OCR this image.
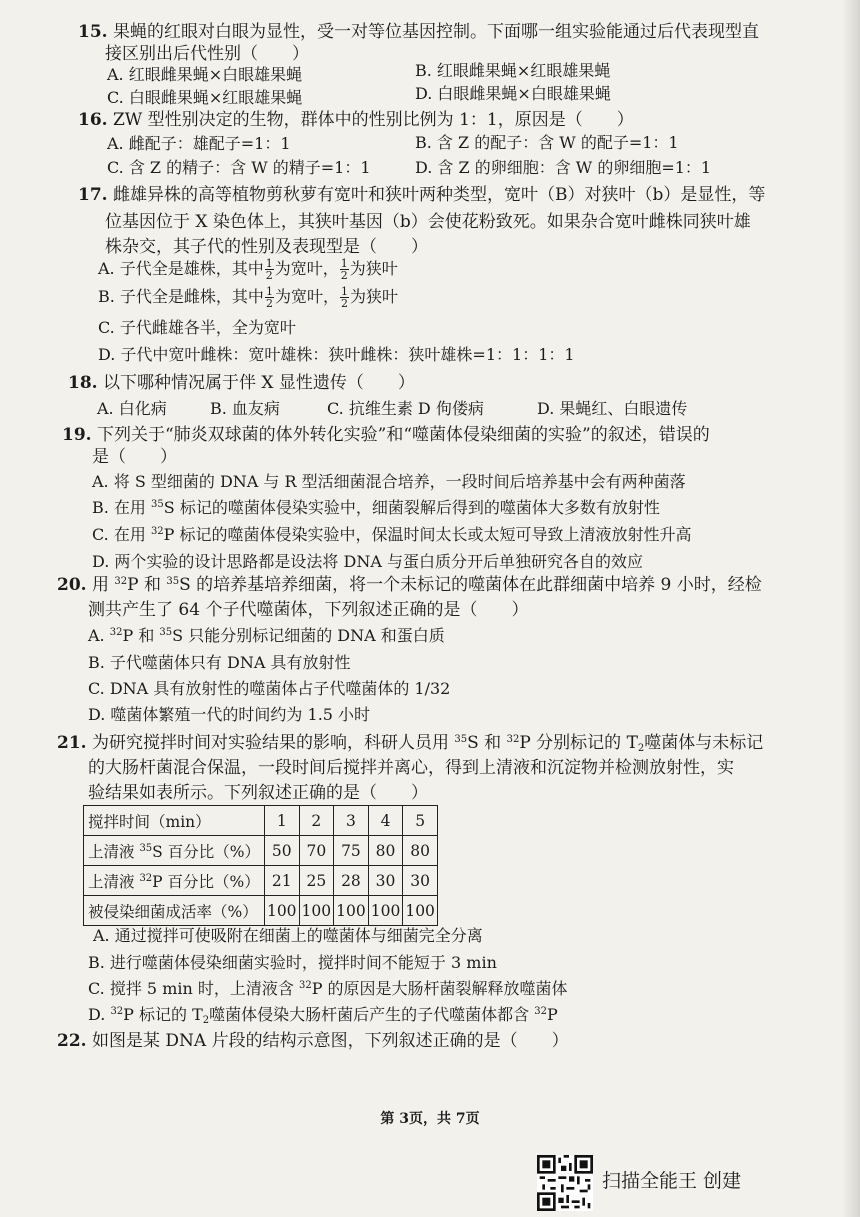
15. 果蝇的红眼对白眼为显性，受一对等位基因控制。下面哪一组实验能通过后代表现型直
接区别出后代性别（　　）
A. 红眼雌果蝇×白眼雄果蝇	B. 红眼雌果蝇×红眼雄果蝇
C. 白眼雌果蝇×红眼雄果蝇	D. 白眼雌果蝇×白眼雄果蝇
16. ZW 型性别决定的生物，群体中的性别比例为 1：1，原因是（　　）
A. 雌配子：雄配子=1：1	B. 含 Z 的配子：含 W 的配子=1：1
C. 含 Z 的精子：含 W 的精子=1：1	D. 含 Z 的卵细胞：含 W 的卵细胞=1：1
17. 雌雄异株的高等植物剪秋萝有宽叶和狭叶两种类型，宽叶（B）对狭叶（b）是显性，等
位基因位于 X 染色体上，其狭叶基因（b）会使花粉致死。如果杂合宽叶雌株同狭叶雄
株杂交，其子代的性别及表现型是（　　）
A. 子代全是雄株，其中 $\frac{1}{2}$ 为宽叶， $\frac{1}{2}$ 为狭叶
B. 子代全是雌株，其中 $\frac{1}{2}$ 为宽叶， $\frac{1}{2}$ 为狭叶
C. 子代雌雄各半，全为宽叶
D. 子代中宽叶雌株：宽叶雄株：狭叶雌株：狭叶雄株=1：1：1：1
18. 以下哪种情况属于伴 X 显性遗传（　　）
A. 白化病	B. 血友病	C. 抗维生素 D 佝偻病	D. 果蝇红、白眼遗传
19. 下列关于“肺炎双球菌的体外转化实验”和“噬菌体侵染细菌的实验”的叙述，错误的
是（　　）
A. 将 S 型细菌的 DNA 与 R 型活细菌混合培养，一段时间后培养基中会有两种菌落
B. 在用 $^{35}$S 标记的噬菌体侵染实验中，细菌裂解后得到的噬菌体大多数有放射性
C. 在用 $^{32}$P 标记的噬菌体侵染实验中，保温时间太长或太短可导致上清液放射性升高
D. 两个实验的设计思路都是设法将 DNA 与蛋白质分开后单独研究各自的效应
20. 用 $^{32}$P 和 $^{35}$S 的培养基培养细菌，将一个未标记的噬菌体在此群细菌中培养 9 小时，经检
测共产生了 64 个子代噬菌体，下列叙述正确的是（　　）
A. $^{32}$P 和 $^{35}$S 只能分别标记细菌的 DNA 和蛋白质
B. 子代噬菌体只有 DNA 具有放射性
C. DNA 具有放射性的噬菌体占子代噬菌体的 1/32
D. 噬菌体繁殖一代的时间约为 1.5 小时
21. 为研究搅拌时间对实验结果的影响，科研人员用 $^{35}$S 和 $^{32}$P 分别标记的 $T_2$噬菌体与未标记
的大肠杆菌混合保温，一段时间后搅拌并离心，得到上清液和沉淀物并检测放射性，实
验结果如表所示。下列叙述正确的是（　　）
搅拌时间（min）	1	2	3	4	5
上清液 $^{35}$S 百分比（%）	50	70	75	80	80
上清液 $^{32}$P 百分比（%）	21	25	28	30	30
被侵染细菌成活率（%）	100	100	100	100	100
A. 通过搅拌可使吸附在细菌上的噬菌体与细菌完全分离
B. 进行噬菌体侵染细菌实验时，搅拌时间不能短于 3 min
C. 搅拌 5 min 时，上清液含 $^{32}$P 的原因是大肠杆菌裂解释放噬菌体
D. $^{32}$P 标记的 $T_2$噬菌体侵染大肠杆菌后产生的子代噬菌体都含 $^{32}$P
22. 如图是某 DNA 片段的结构示意图，下列叙述正确的是（　　）
第 3页，共 7页
扫描全能王 创建
